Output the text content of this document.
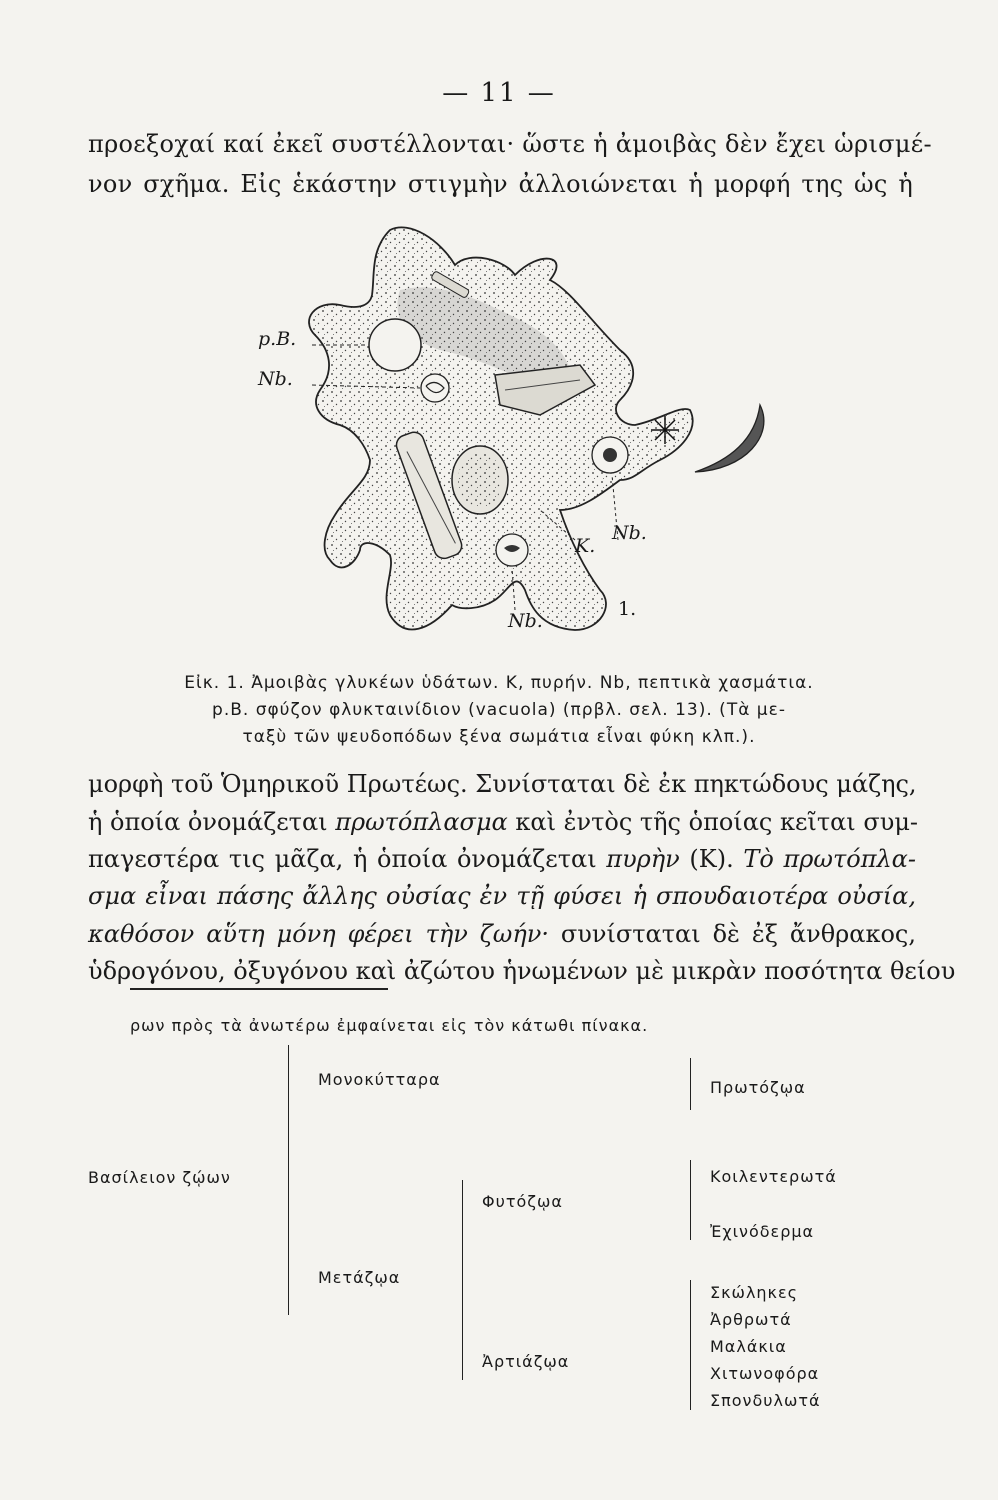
— 11 —
προεξοχαί καί ἐκεῖ συστέλλονται· ὥστε ἡ ἀμοιβὰς δὲν ἔχει ὡρισμέ-
νον σχῆμα. Εἰς ἑκάστην στιγμὴν ἀλλοιώνεται ἡ μορφή της ὡς ἡ
p.B.
Nb.
K.
Nb.
Nb.
1.
Εἰκ. 1. Ἀμοιβὰς γλυκέων ὑδάτων. K, πυρήν. Nb, πεπτικὰ χασμάτια.
p.B. σφύζον φλυκταινίδιον (vacuola) (πρβλ. σελ. 13). (Τὰ με-
ταξὺ τῶν ψευδοπόδων ξένα σωμάτια εἶναι φύκη κλπ.).
μορφὴ τοῦ Ὁμηρικοῦ Πρωτέως. Συνίσταται δὲ ἐκ πηκτώδους μάζης,
ἡ ὁποία ὀνομάζεται πρωτόπλασμα καὶ ἐντὸς τῆς ὁποίας κεῖται συμ-
παγεστέρα τις μᾶζα, ἡ ὁποία ὀνομάζεται πυρὴν (K). Τὸ πρωτόπλα-
σμα εἶναι πάσης ἄλλης οὐσίας ἐν τῇ φύσει ἡ σπουδαιοτέρα οὐσία,
καθόσον αὕτη μόνη φέρει τὴν ζωήν· συνίσταται δὲ ἐξ ἄνθρακος,
ὑδρογόνου, ὀξυγόνου καὶ ἀζώτου ἡνωμένων μὲ μικρὰν ποσότητα θείου
ρων πρὸς τὰ ἀνωτέρω ἐμφαίνεται εἰς τὸν κάτωθι πίνακα.
Βασίλειον ζῴων
Μονοκύτταρα	Πρωτόζῳα
Μετάζῳα
Φυτόζῳα
Κοιλεντερωτά
Ἐχινόδερμα
Ἀρτιάζῳα
Σκώληκες
Ἀρθρωτά
Μαλάκια
Χιτωνοφόρα
Σπονδυλωτά
